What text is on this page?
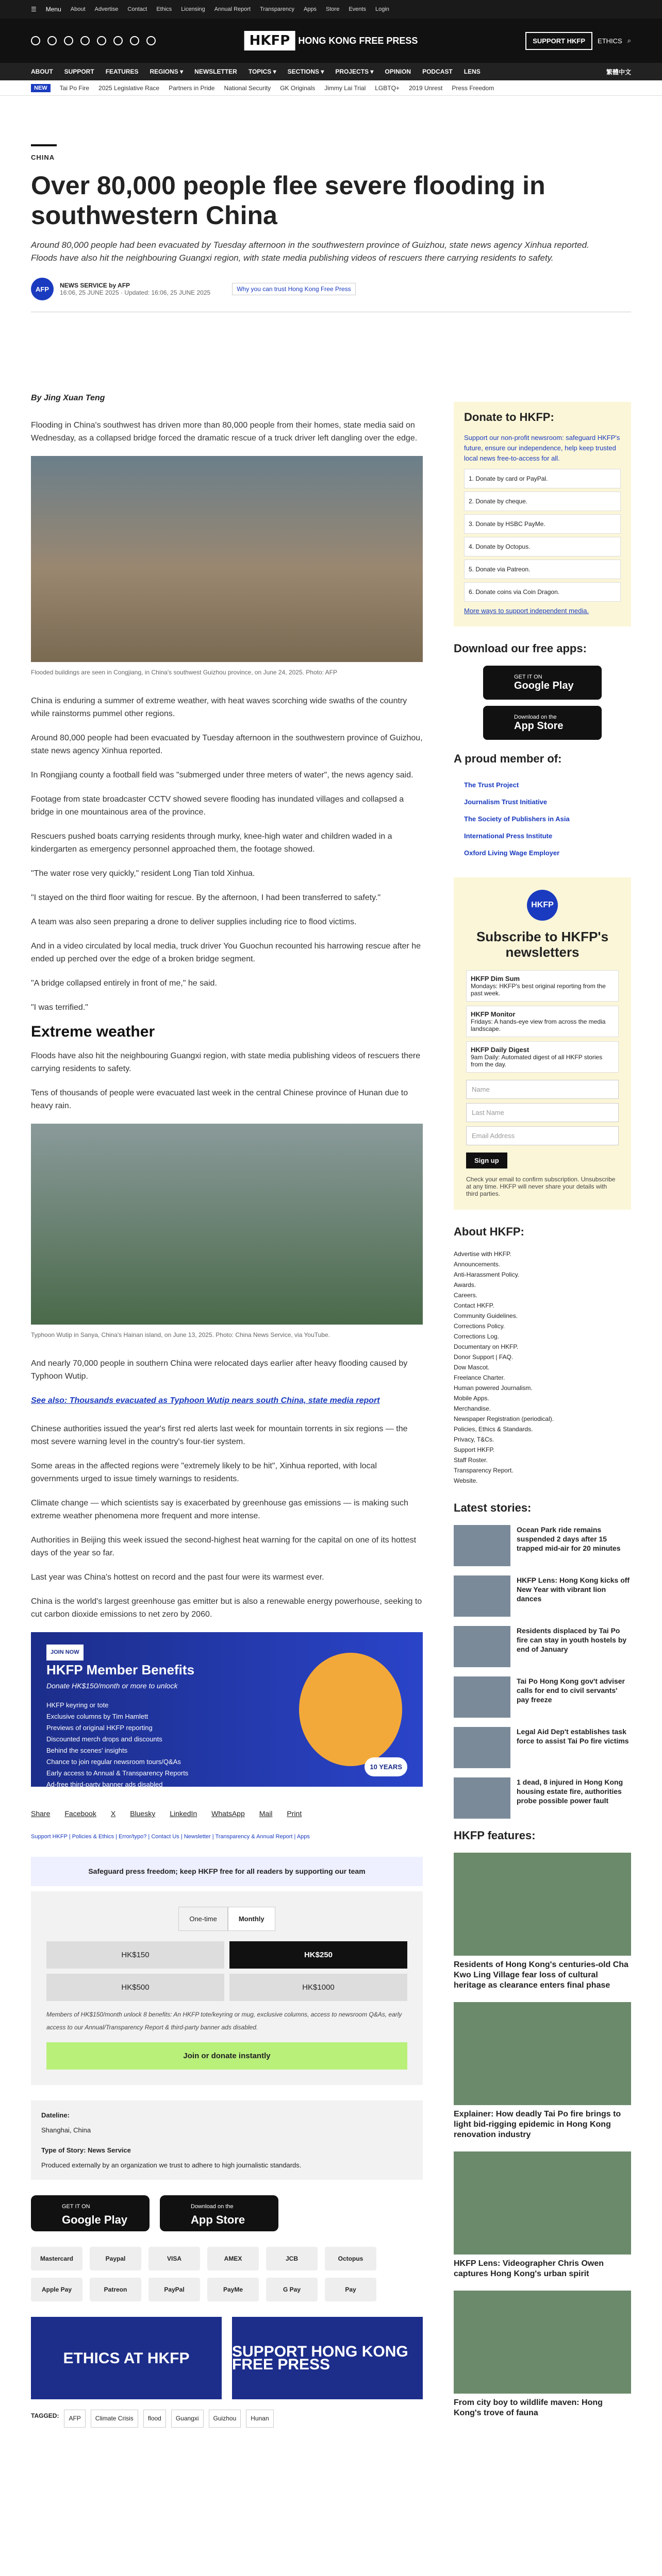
☰ Menu About Advertise Contact Ethics Licensing Annual Report Transparency Apps Store Events Login
HKFP HONG KONG FREE PRESS	SUPPORT HKFP	ETHICS ⌕
ABOUT SUPPORT FEATURES REGIONS ▾ NEWSLETTER TOPICS ▾ SECTIONS ▾ PROJECTS ▾ OPINION PODCAST LENS	繁體中文
NEW	Tai Po Fire 2025 Legislative Race Partners in Pride National Security GK Originals Jimmy Lai Trial LGBTQ+ 2019 Unrest Press Freedom
CHINA
Over 80,000 people flee severe flooding in southwestern China
Around 80,000 people had been evacuated by Tuesday afternoon in the southwestern province of Guizhou, state news agency Xinhua reported. Floods have also hit the neighbouring Guangxi region, with state media publishing videos of rescuers there carrying residents to safety.
AFP	NEWS SERVICE by AFP
16:06, 25 JUNE 2025 · Updated: 16:06, 25 JUNE 2025	Why you can trust Hong Kong Free Press
By Jing Xuan Teng

Flooding in China's southwest has driven more than 80,000 people from their homes, state media said on Wednesday, as a collapsed bridge forced the dramatic rescue of a truck driver left dangling over the edge.

Flooded buildings are seen in Congjiang, in China's southwest Guizhou province, on June 24, 2025. Photo: AFP

China is enduring a summer of extreme weather, with heat waves scorching wide swaths of the country while rainstorms pummel other regions.

Around 80,000 people had been evacuated by Tuesday afternoon in the southwestern province of Guizhou, state news agency Xinhua reported.

In Rongjiang county a football field was "submerged under three meters of water", the news agency said.

Footage from state broadcaster CCTV showed severe flooding has inundated villages and collapsed a bridge in one mountainous area of the province.

Rescuers pushed boats carrying residents through murky, knee-high water and children waded in a kindergarten as emergency personnel approached them, the footage showed.

"The water rose very quickly," resident Long Tian told Xinhua.

"I stayed on the third floor waiting for rescue. By the afternoon, I had been transferred to safety."

A team was also seen preparing a drone to deliver supplies including rice to flood victims.

And in a video circulated by local media, truck driver You Guochun recounted his harrowing rescue after he ended up perched over the edge of a broken bridge segment.

"A bridge collapsed entirely in front of me," he said.

"I was terrified."

Extreme weather

Floods have also hit the neighbouring Guangxi region, with state media publishing videos of rescuers there carrying residents to safety.

Tens of thousands of people were evacuated last week in the central Chinese province of Hunan due to heavy rain.

Typhoon Wutip in Sanya, China's Hainan island, on June 13, 2025. Photo: China News Service, via YouTube.

And nearly 70,000 people in southern China were relocated days earlier after heavy flooding caused by Typhoon Wutip.

See also: Thousands evacuated as Typhoon Wutip nears south China, state media report

Chinese authorities issued the year's first red alerts last week for mountain torrents in six regions — the most severe warning level in the country's four-tier system.

Some areas in the affected regions were "extremely likely to be hit", Xinhua reported, with local governments urged to issue timely warnings to residents.

Climate change — which scientists say is exacerbated by greenhouse gas emissions — is making such extreme weather phenomena more frequent and more intense.

Authorities in Beijing this week issued the second-highest heat warning for the capital on one of its hottest days of the year so far.

Last year was China's hottest on record and the past four were its warmest ever.

China is the world's largest greenhouse gas emitter but is also a renewable energy powerhouse, seeking to cut carbon dioxide emissions to net zero by 2060.

JOIN NOW
HKFP Member Benefits
Donate HK$150/month or more to unlock
HKFP keyring or tote
Exclusive columns by Tim Hamlett
Previews of original HKFP reporting
Discounted merch drops and discounts
Behind the scenes' insights
Chance to join regular newsroom tours/Q&As
Early access to Annual & Transparency Reports
Ad-free third-party banner ads disabled
10 YEARS
Share Facebook X Bluesky LinkedIn WhatsApp Mail Print
Support HKFP | Policies & Ethics | Error/typo? | Contact Us | Newsletter | Transparency & Annual Report | Apps
Safeguard press freedom; keep HKFP free for all readers by supporting our team
One-time	Monthly
HK$150	HK$250
HK$500	HK$1000
Members of HK$150/month unlock 8 benefits: An HKFP tote/keyring or mug, exclusive columns, access to newsroom Q&As, early access to our Annual/Transparency Report & third-party banner ads disabled.
Join or donate instantly
Dateline:
Shanghai, China
Type of Story: News Service
Produced externally by an organization we trust to adhere to high journalistic standards.
GET IT ON
Google Play
Download on the
App Store
Mastercard	Paypal	VISA	AMEX	JCB	Octopus
Apple Pay	Patreon	PayPal	PayMe	G Pay	Pay
ETHICS AT HKFP	SUPPORT HONG KONG FREE PRESS
TAGGED:	AFP	Climate Crisis	flood	Guangxi	Guizhou	Hunan
Donate to HKFP:
Support our non-profit newsroom: safeguard HKFP's future, ensure our independence, help keep trusted local news free-to-access for all.
1. Donate by card or PayPal.
2. Donate by cheque.
3. Donate by HSBC PayMe.
4. Donate by Octopus.
5. Donate via Patreon.
6. Donate coins via Coin Dragon.
More ways to support independent media.
Download our free apps:
GET IT ON
Google Play
Download on the
App Store
A proud member of:
The Trust Project
Journalism Trust Initiative
The Society of Publishers in Asia
International Press Institute
Oxford Living Wage Employer
HKFP
Subscribe to HKFP's newsletters
HKFP Dim Sum
Mondays: HKFP's best original reporting from the past week.
HKFP Monitor
Fridays: A hands-eye view from across the media landscape.
HKFP Daily Digest
9am Daily: Automated digest of all HKFP stories from the day.
Name
Last Name
Email Address
Sign up
Check your email to confirm subscription. Unsubscribe at any time. HKFP will never share your details with third parties.
About HKFP:
Advertise with HKFP.
Announcements.
Anti-Harassment Policy.
Awards.
Careers.
Contact HKFP.
Community Guidelines.
Corrections Policy.
Corrections Log.
Documentary on HKFP.
Donor Support | FAQ.
Dow Mascot.
Freelance Charter.
Human powered Journalism.
Mobile Apps.
Merchandise.
Newspaper Registration (periodical).
Policies, Ethics & Standards.
Privacy, T&Cs.
Support HKFP.
Staff Roster.
Transparency Report.
Website.
Latest stories:
Ocean Park ride remains suspended 2 days after 15 trapped mid-air for 20 minutes
HKFP Lens: Hong Kong kicks off New Year with vibrant lion dances
Residents displaced by Tai Po fire can stay in youth hostels by end of January
Tai Po Hong Kong gov't adviser calls for end to civil servants' pay freeze
Legal Aid Dep't establishes task force to assist Tai Po fire victims
1 dead, 8 injured in Hong Kong housing estate fire, authorities probe possible power fault
HKFP features:
Residents of Hong Kong's centuries-old Cha Kwo Ling Village fear loss of cultural heritage as clearance enters final phase
Explainer: How deadly Tai Po fire brings to light bid-rigging epidemic in Hong Kong renovation industry
HKFP Lens: Videographer Chris Owen captures Hong Kong's urban spirit
From city boy to wildlife maven: Hong Kong's trove of fauna
